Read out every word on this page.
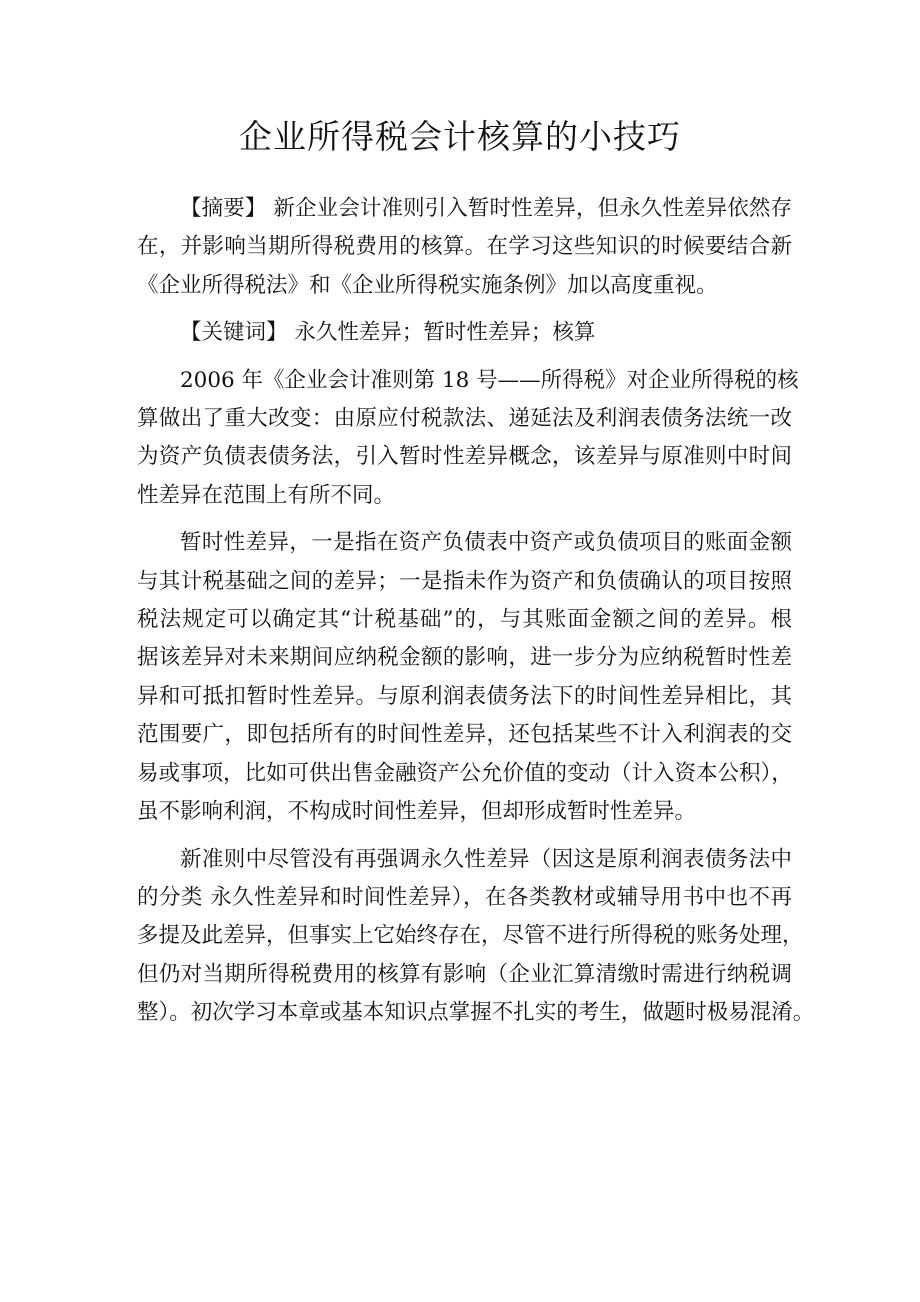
企业所得税会计核算的小技巧
【摘要】 新企业会计准则引入暂时性差异，但永久性差异依然存
在，并影响当期所得税费用的核算。在学习这些知识的时候要结合新
《企业所得税法》和《企业所得税实施条例》加以高度重视。
【关键词】 永久性差异；暂时性差异；核算
2006 年《企业会计准则第 18 号——所得税》对企业所得税的核
算做出了重大改变：由原应付税款法、递延法及利润表债务法统一改
为资产负债表债务法，引入暂时性差异概念，该差异与原准则中时间
性差异在范围上有所不同。
暂时性差异，一是指在资产负债表中资产或负债项目的账面金额
与其计税基础之间的差异；一是指未作为资产和负债确认的项目按照
税法规定可以确定其“计税基础”的，与其账面金额之间的差异。根
据该差异对未来期间应纳税金额的影响，进一步分为应纳税暂时性差
异和可抵扣暂时性差异。与原利润表债务法下的时间性差异相比，其
范围要广，即包括所有的时间性差异，还包括某些不计入利润表的交
易或事项，比如可供出售金融资产公允价值的变动（计入资本公积），
虽不影响利润，不构成时间性差异，但却形成暂时性差异。
新准则中尽管没有再强调永久性差异（因这是原利润表债务法中
的分类 永久性差异和时间性差异），在各类教材或辅导用书中也不再
多提及此差异，但事实上它始终存在，尽管不进行所得税的账务处理，
但仍对当期所得税费用的核算有影响（企业汇算清缴时需进行纳税调
整）。初次学习本章或基本知识点掌握不扎实的考生，做题时极易混淆。
